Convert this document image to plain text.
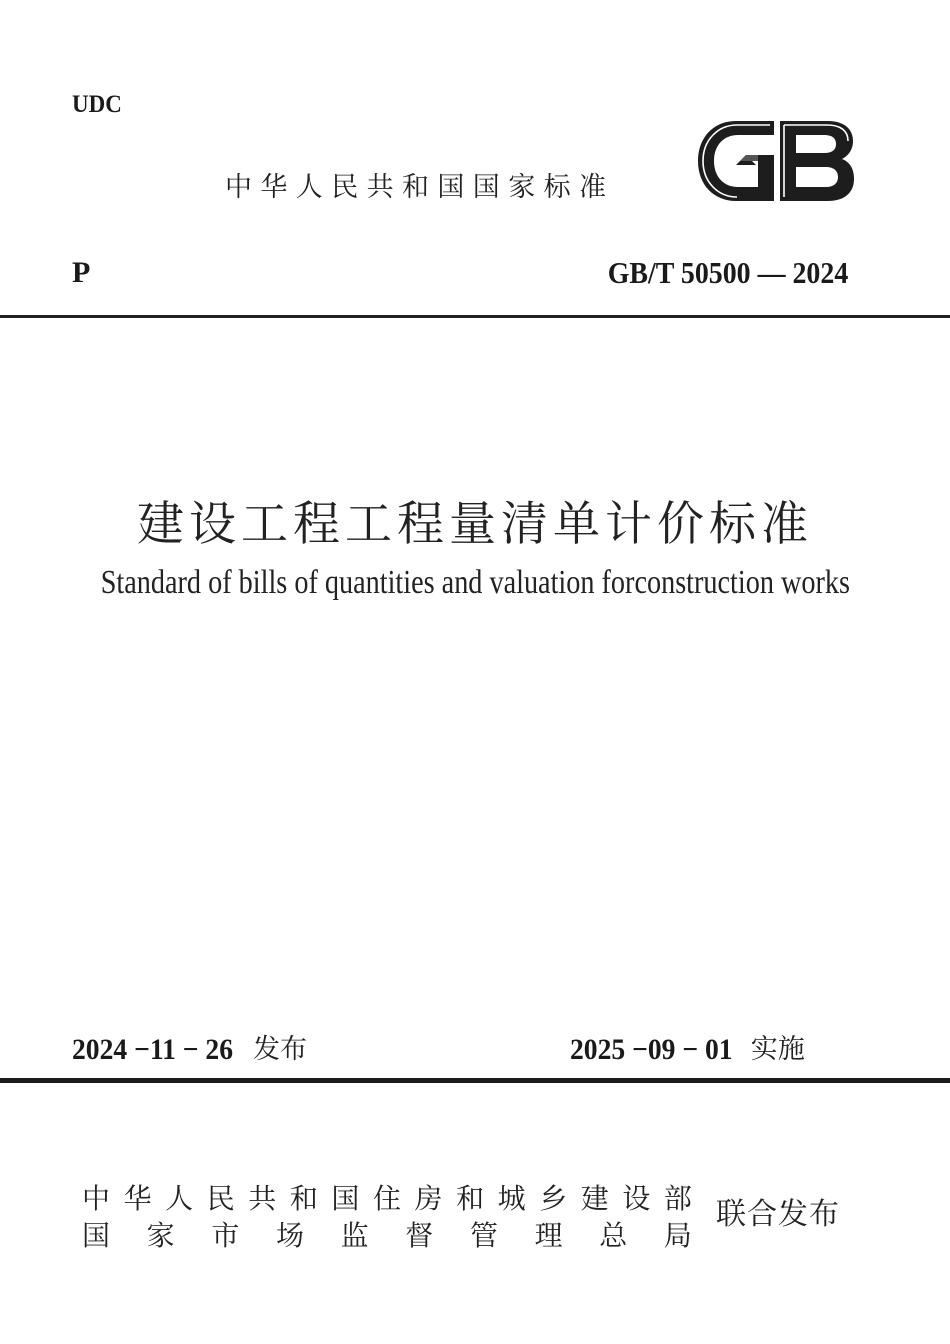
UDC
中华人民共和国国家标准
P	GB/T 50500 — 2024
建设工程工程量清单计价标准
Standard of bills of quantities and valuation forconstruction works
2024 −11 − 26 发布	2025 −09 − 01 实施
中 华 人 民 共 和 国 住 房 和 城 乡 建 设 部
国 家 市 场 监 督 管 理 总 局
联合发布
